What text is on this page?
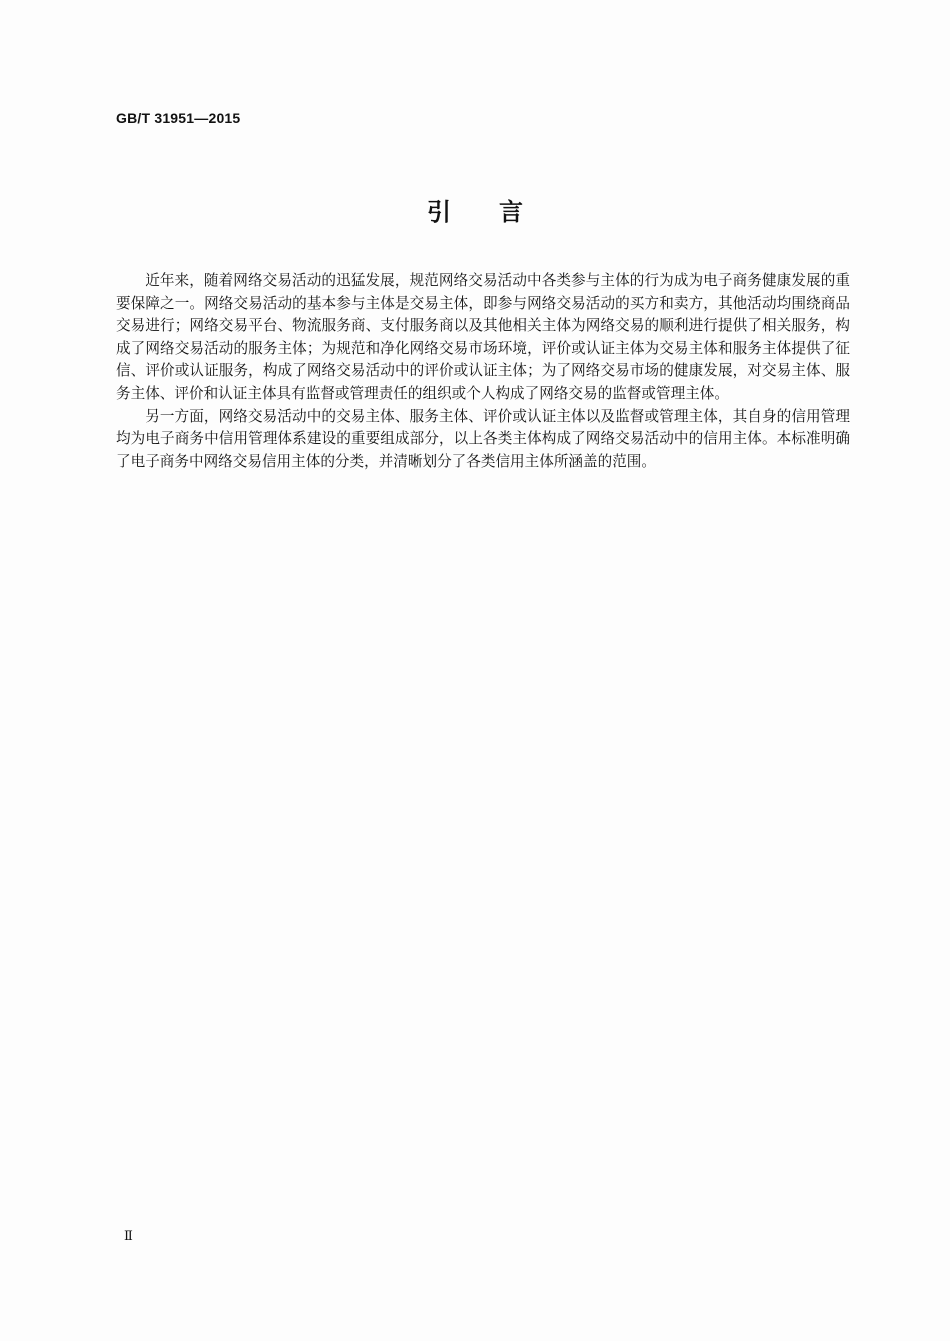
GB/T 31951—2015
引言

近年来，随着网络交易活动的迅猛发展，规范网络交易活动中各类参与主体的行为成为电子商务健康发展的重要保障之一。网络交易活动的基本参与主体是交易主体，即参与网络交易活动的买方和卖方，其他活动均围绕商品交易进行；网络交易平台、物流服务商、支付服务商以及其他相关主体为网络交易的顺利进行提供了相关服务，构成了网络交易活动的服务主体；为规范和净化网络交易市场环境，评价或认证主体为交易主体和服务主体提供了征信、评价或认证服务，构成了网络交易活动中的评价或认证主体；为了网络交易市场的健康发展，对交易主体、服务主体、评价和认证主体具有监督或管理责任的组织或个人构成了网络交易的监督或管理主体。

另一方面，网络交易活动中的交易主体、服务主体、评价或认证主体以及监督或管理主体，其自身的信用管理均为电子商务中信用管理体系建设的重要组成部分，以上各类主体构成了网络交易活动中的信用主体。本标准明确了电子商务中网络交易信用主体的分类，并清晰划分了各类信用主体所涵盖的范围。

Ⅱ
